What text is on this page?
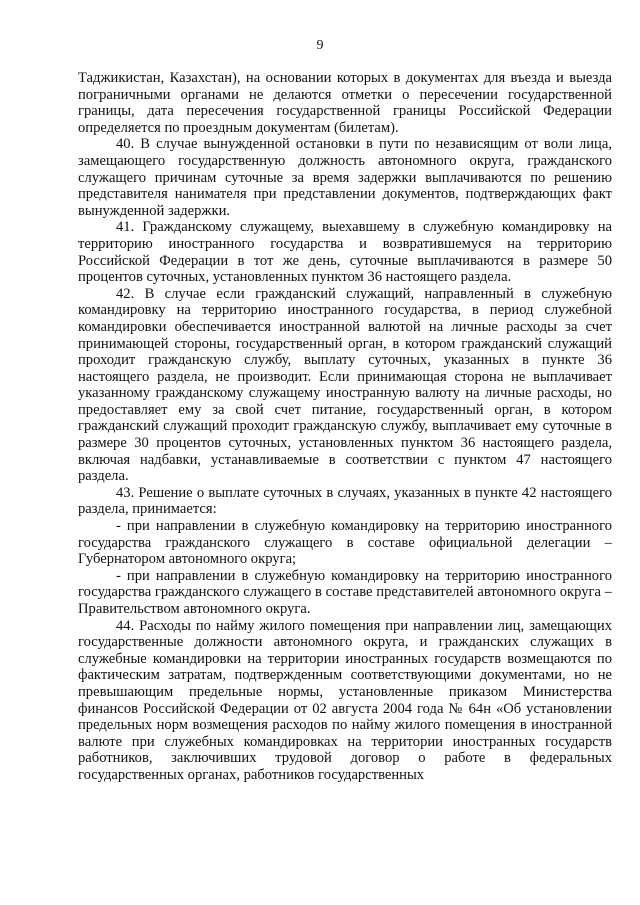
9

Таджикистан, Казахстан), на основании которых в документах для въезда и выезда пограничными органами не делаются отметки о пересечении государственной границы, дата пересечения государственной границы Российской Федерации определяется по проездным документам (билетам).

40. В случае вынужденной остановки в пути по независящим от воли лица, замещающего государственную должность автономного округа, гражданского служащего причинам суточные за время задержки выплачиваются по решению представителя нанимателя при представлении документов, подтверждающих факт вынужденной задержки.

41. Гражданскому служащему, выехавшему в служебную командировку на территорию иностранного государства и возвратившемуся на территорию Российской Федерации в тот же день, суточные выплачиваются в размере 50 процентов суточных, установленных пунктом 36 настоящего раздела.

42. В случае если гражданский служащий, направленный в служебную командировку на территорию иностранного государства, в период служебной командировки обеспечивается иностранной валютой на личные расходы за счет принимающей стороны, государственный орган, в котором гражданский служащий проходит гражданскую службу, выплату суточных, указанных в пункте 36 настоящего раздела, не производит. Если принимающая сторона не выплачивает указанному гражданскому служащему иностранную валюту на личные расходы, но предоставляет ему за свой счет питание, государственный орган, в котором гражданский служащий проходит гражданскую службу, выплачивает ему суточные в размере 30 процентов суточных, установленных пунктом 36 настоящего раздела, включая надбавки, устанавливаемые в соответствии с пунктом 47 настоящего раздела.

43. Решение о выплате суточных в случаях, указанных в пункте 42 настоящего раздела, принимается:

- при направлении в служебную командировку на территорию иностранного государства гражданского служащего в составе официальной делегации – Губернатором автономного округа;

- при направлении в служебную командировку на территорию иностранного государства гражданского служащего в составе представителей автономного округа – Правительством автономного округа.

44. Расходы по найму жилого помещения при направлении лиц, замещающих государственные должности автономного округа, и гражданских служащих в служебные командировки на территории иностранных государств возмещаются по фактическим затратам, подтвержденным соответствующими документами, но не превышающим предельные нормы, установленные приказом Министерства финансов Российской Федерации от 02 августа 2004 года № 64н «Об установлении предельных норм возмещения расходов по найму жилого помещения в иностранной валюте при служебных командировках на территории иностранных государств работников, заключивших трудовой договор о работе в федеральных государственных органах, работников государственных
